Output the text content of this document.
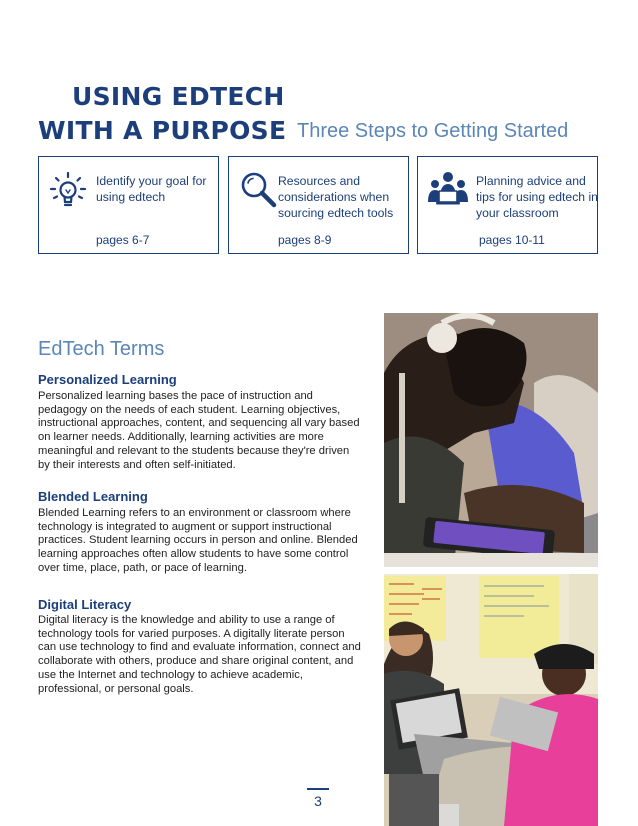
USING EDTECH
WITH A PURPOSE Three Steps to Getting Started
Identify your goal for using edtech
pages 6-7
Resources and considerations when sourcing edtech tools
pages 8-9
Planning advice and tips for using edtech in your classroom
pages 10-11
EdTech Terms
Personalized Learning
Personalized learning bases the pace of instruction and pedagogy on the needs of each student. Learning objectives, instructional approaches, content, and sequencing all vary based on learner needs. Additionally, learning activities are more meaningful and relevant to the students because they're driven by their interests and often self-initiated.
Blended Learning
Blended Learning refers to an environment or classroom where technology is integrated to augment or support instructional practices. Student learning occurs in person and online. Blended learning approaches often allow students to have some control over time, place, path, or pace of learning.
Digital Literacy
Digital literacy is the knowledge and ability to use a range of technology tools for varied purposes. A digitally literate person can use technology to find and evaluate information, connect and collaborate with others, produce and share original content, and use the Internet and technology to achieve academic, professional, or personal goals.
3
